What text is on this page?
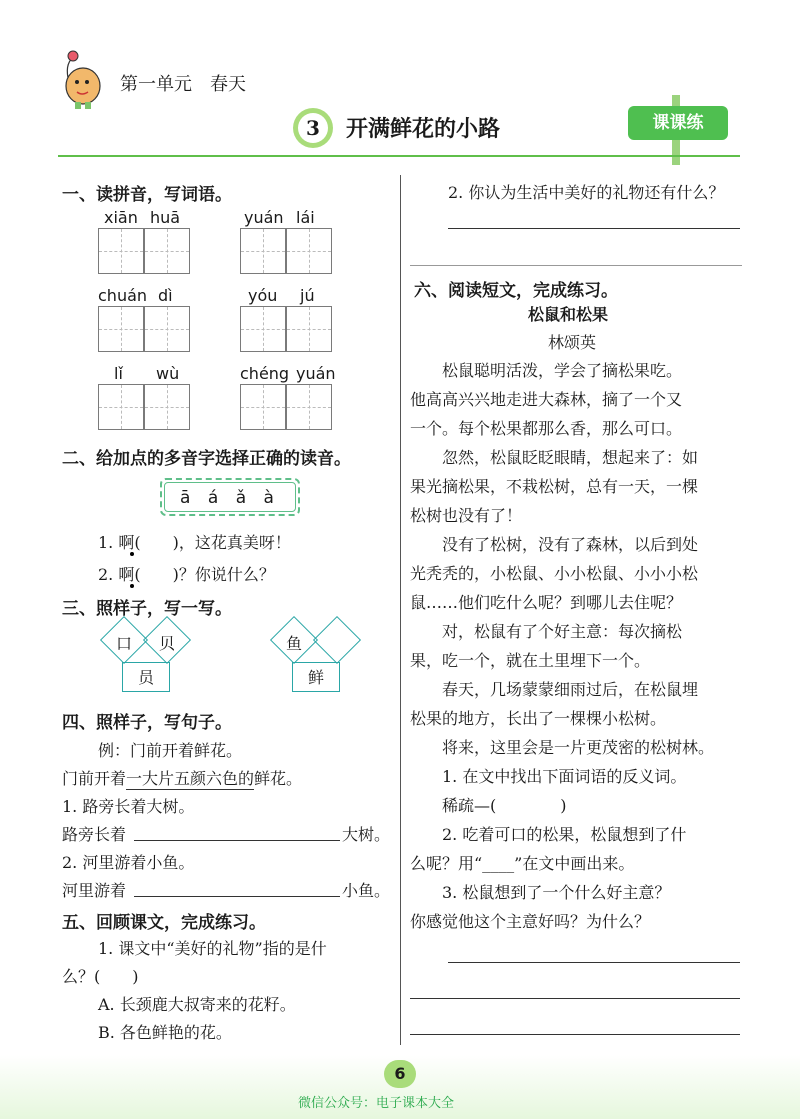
第一单元 春天
3	开满鲜花的小路	课课练
一、读拼音，写词语。
xiān huā	yuán lái
chuán dì	yóu jú
lǐ wù	chéng yuán
二、给加点的多音字选择正确的读音。
ā á ǎ à
1. 啊(　　)，这花真美呀！
2. 啊(　　)？你说什么？
三、照样子，写一写。
口	贝
员
鱼
鲜
四、照样子，写句子。
例：门前开着鲜花。
门前开着一大片五颜六色的鲜花。
1. 路旁长着大树。
路旁长着	大树。
2. 河里游着小鱼。
河里游着	小鱼。
五、回顾课文，完成练习。
1. 课文中“美好的礼物”指的是什
么？(　　)
A. 长颈鹿大叔寄来的花籽。
B. 各色鲜艳的花。
2. 你认为生活中美好的礼物还有什么？
六、阅读短文，完成练习。
松鼠和松果
林颂英
　　松鼠聪明活泼，学会了摘松果吃。
他高高兴兴地走进大森林，摘了一个又
一个。每个松果都那么香，那么可口。
　　忽然，松鼠眨眨眼睛，想起来了：如
果光摘松果，不栽松树，总有一天，一棵
松树也没有了！
　　没有了松树，没有了森林，以后到处
光秃秃的，小松鼠、小小松鼠、小小小松
鼠……他们吃什么呢？到哪儿去住呢？
　　对，松鼠有了个好主意：每次摘松
果，吃一个，就在土里埋下一个。
　　春天，几场蒙蒙细雨过后，在松鼠埋
松果的地方，长出了一棵棵小松树。
　　将来，这里会是一片更茂密的松树林。
　　1. 在文中找出下面词语的反义词。
稀疏—(　　　　)
　　2. 吃着可口的松果，松鼠想到了什
么呢？用“____”在文中画出来。
　　3. 松鼠想到了一个什么好主意？
你感觉他这个主意好吗？为什么？
6
微信公众号：电子课本大全
